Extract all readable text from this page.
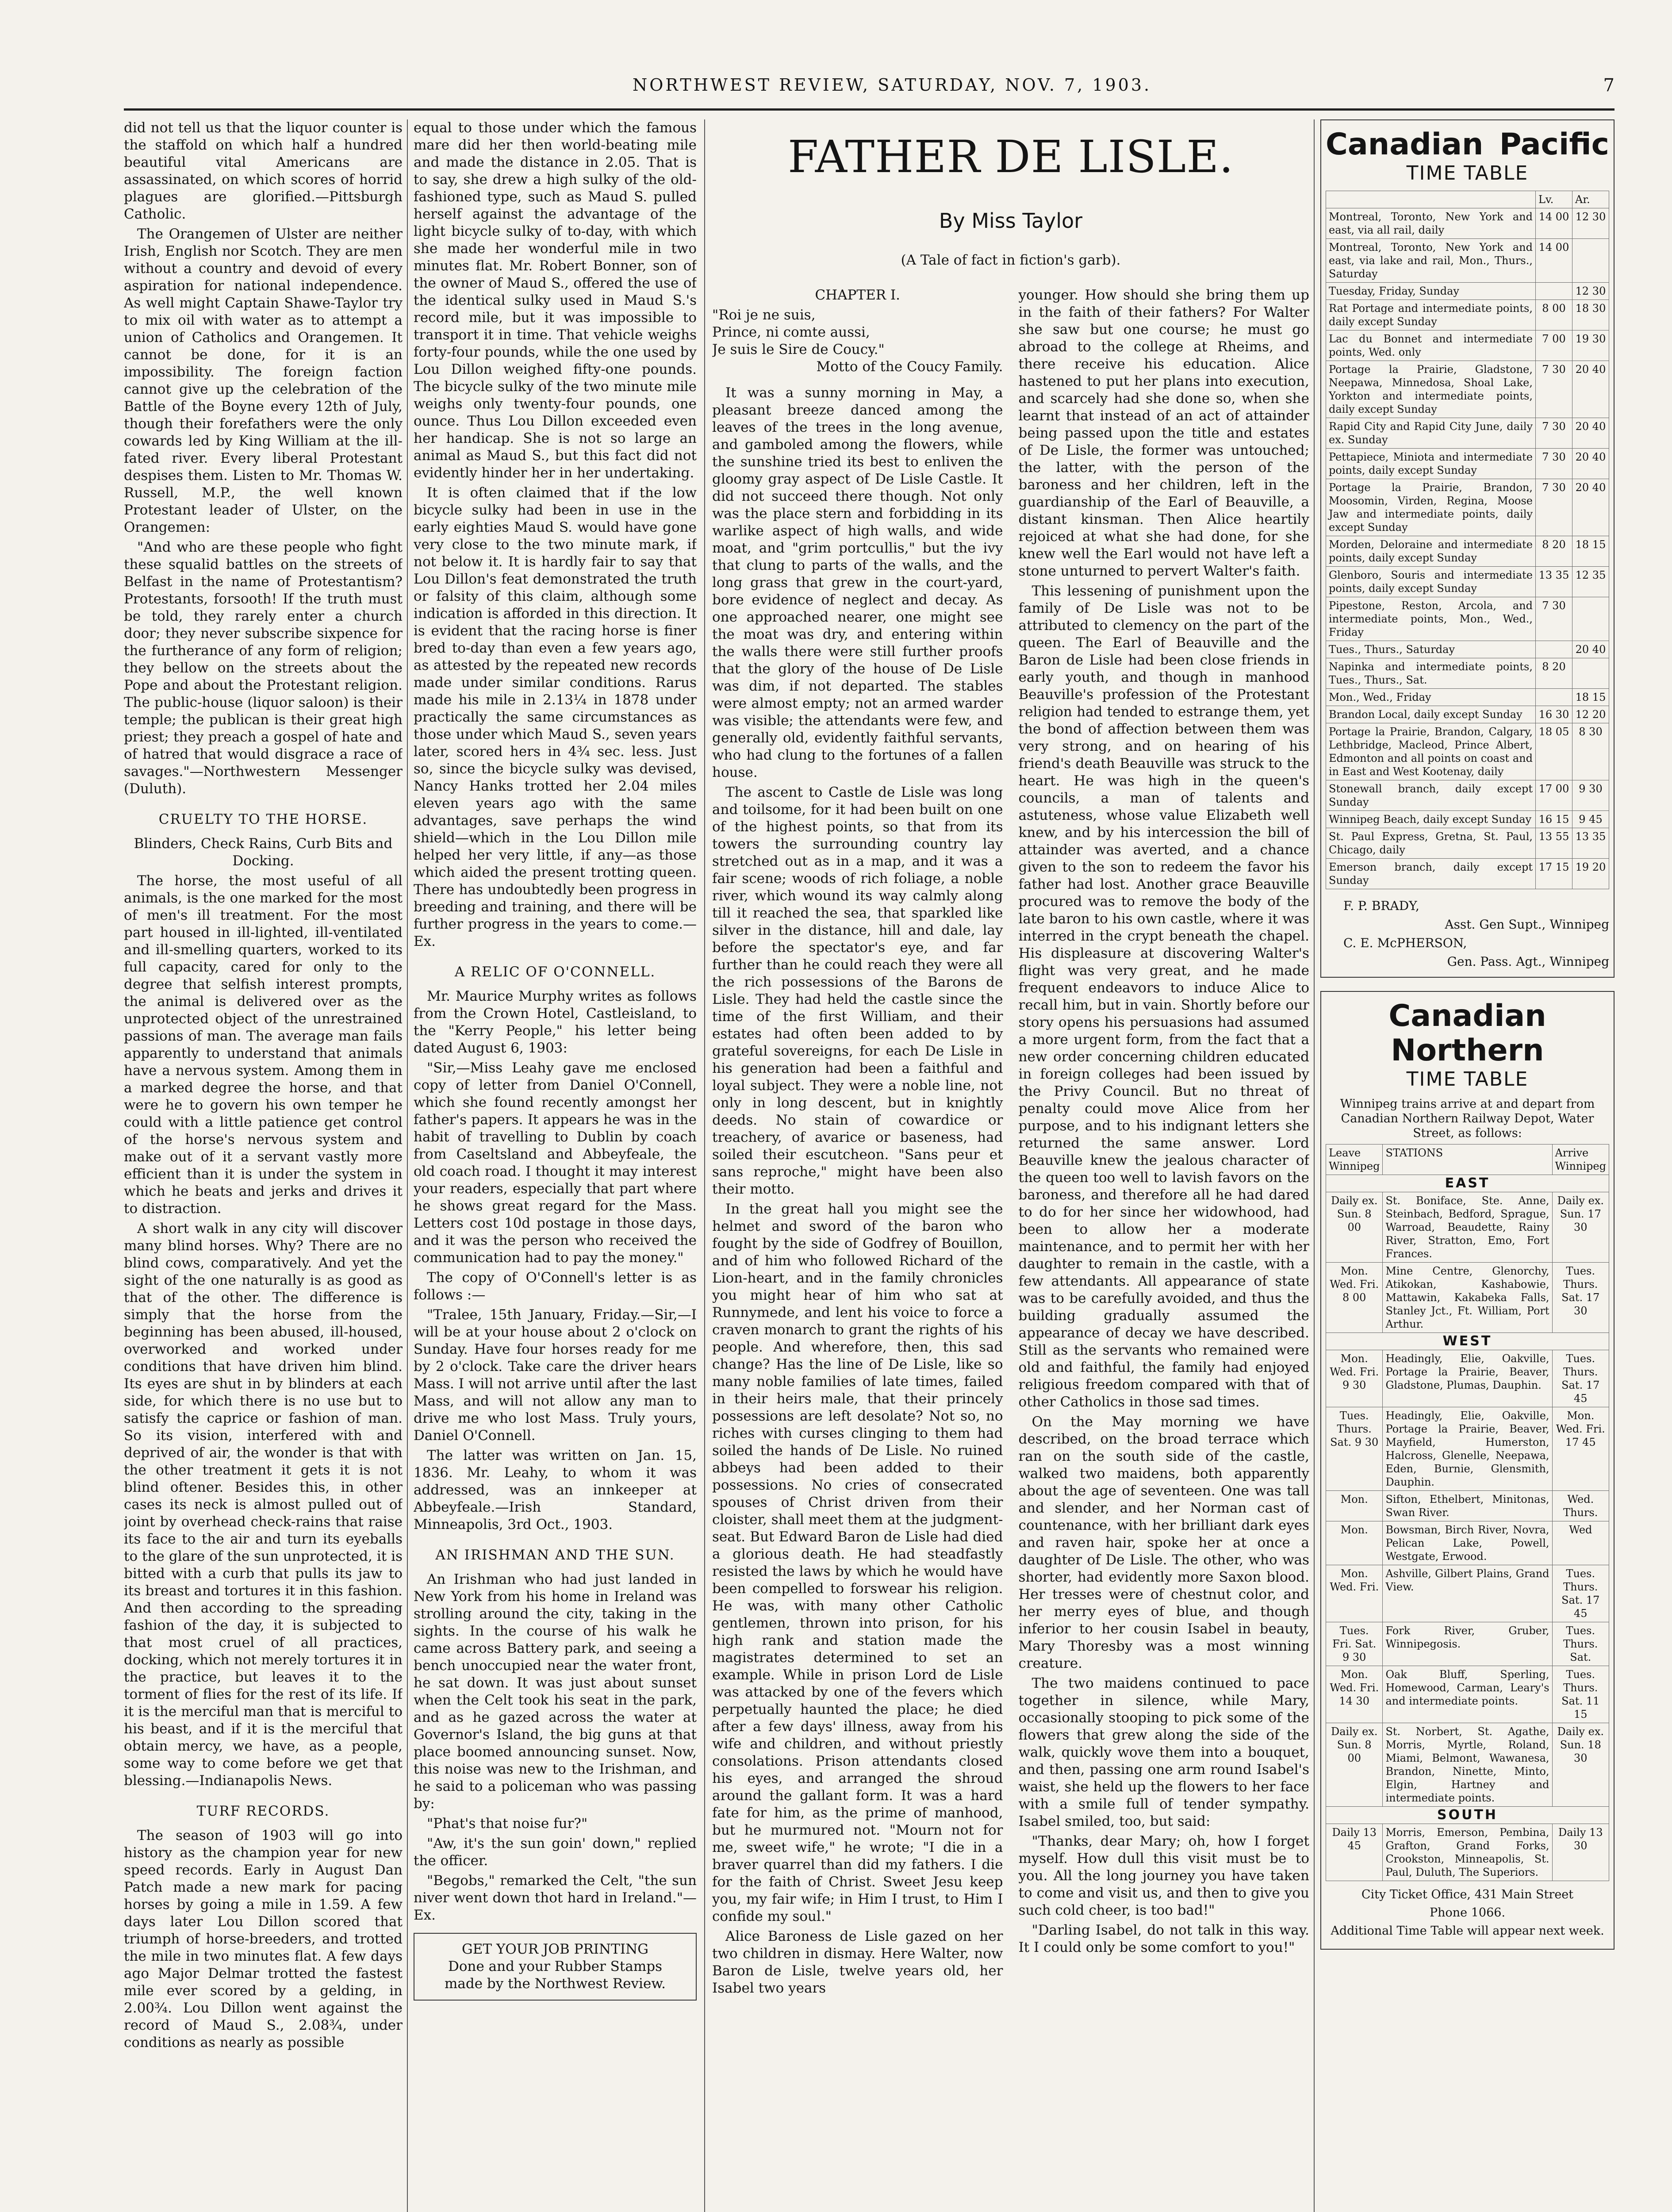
NORTHWEST REVIEW, SATURDAY, NOV. 7, 1903.	7

did not tell us that the liquor counter is the staffold on which half a hundred beautiful vital Americans are assassinated, on which scores of horrid plagues are glorified.—Pittsburgh Catholic.

The Orangemen of Ulster are neither Irish, English nor Scotch. They are men without a country and devoid of every aspiration for national independence. As well might Captain Shawe-Taylor try to mix oil with water as to attempt a union of Catholics and Orangemen. It cannot be done, for it is an impossibility. The foreign faction cannot give up the celebration of the Battle of the Boyne every 12th of July, though their forefathers were the only cowards led by King William at the ill-fated river. Every liberal Protestant despises them. Listen to Mr. Thomas W. Russell, M.P., the well known Protestant leader of Ulster, on the Orangemen:

"And who are these people who fight these squalid battles on the streets of Belfast in the name of Protestantism? Protestants, forsooth! If the truth must be told, they rarely enter a church door; they never subscribe sixpence for the furtherance of any form of religion; they bellow on the streets about the Pope and about the Protestant religion. The public-house (liquor saloon) is their temple; the publican is their great high priest; they preach a gospel of hate and of hatred that would disgrace a race of savages."—Northwestern Messenger (Duluth).

CRUELTY TO THE HORSE.

Blinders, Check Rains, Curb Bits and Docking.

The horse, the most useful of all animals, is the one marked for the most of men's ill treatment. For the most part housed in ill-lighted, ill-ventilated and ill-smelling quarters, worked to its full capacity, cared for only to the degree that selfish interest prompts, the animal is delivered over as the unprotected object of the unrestrained passions of man. The average man fails apparently to understand that animals have a nervous system. Among them in a marked degree the horse, and that were he to govern his own temper he could with a little patience get control of the horse's nervous system and make out of it a servant vastly more efficient than it is under the system in which he beats and jerks and drives it to distraction.

A short walk in any city will discover many blind horses. Why? There are no blind cows, comparatively. And yet the sight of the one naturally is as good as that of the other. The difference is simply that the horse from the beginning has been abused, ill-housed, overworked and worked under conditions that have driven him blind. Its eyes are shut in by blinders at each side, for which there is no use but to satisfy the caprice or fashion of man. So its vision, interfered with and deprived of air, the wonder is that with the other treatment it gets it is not blind oftener. Besides this, in other cases its neck is almost pulled out of joint by overhead check-rains that raise its face to the air and turn its eyeballs to the glare of the sun unprotected, it is bitted with a curb that pulls its jaw to its breast and tortures it in this fashion. And then according to the spreading fashion of the day, it is subjected to that most cruel of all practices, docking, which not merely tortures it in the practice, but leaves it to the torment of flies for the rest of its life. If it is the merciful man that is merciful to his beast, and if it is the merciful that obtain mercy, we have, as a people, some way to come before we get that blessing.—Indianapolis News.

TURF RECORDS.

The season of 1903 will go into history as the champion year for new speed records. Early in August Dan Patch made a new mark for pacing horses by going a mile in 1.59. A few days later Lou Dillon scored that triumph of horse-breeders, and trotted the mile in two minutes flat. A few days ago Major Delmar trotted the fastest mile ever scored by a gelding, in 2.00¾. Lou Dillon went against the record of Maud S., 2.08¾, under conditions as nearly as possible

equal to those under which the famous mare did her then world-beating mile and made the distance in 2.05. That is to say, she drew a high sulky of the old-fashioned type, such as Maud S. pulled herself against the advantage of the light bicycle sulky of to-day, with which she made her wonderful mile in two minutes flat. Mr. Robert Bonner, son of the owner of Maud S., offered the use of the identical sulky used in Maud S.'s record mile, but it was impossible to transport it in time. That vehicle weighs forty-four pounds, while the one used by Lou Dillon weighed fifty-one pounds. The bicycle sulky of the two minute mile weighs only twenty-four pounds, one ounce. Thus Lou Dillon exceeded even her handicap. She is not so large an animal as Maud S., but this fact did not evidently hinder her in her undertaking.

It is often claimed that if the low bicycle sulky had been in use in the early eighties Maud S. would have gone very close to the two minute mark, if not below it. It is hardly fair to say that Lou Dillon's feat demonstrated the truth or falsity of this claim, although some indication is afforded in this direction. It is evident that the racing horse is finer bred to-day than even a few years ago, as attested by the repeated new records made under similar conditions. Rarus made his mile in 2.13¼ in 1878 under practically the same circumstances as those under which Maud S., seven years later, scored hers in 4¾ sec. less. Just so, since the bicycle sulky was devised, Nancy Hanks trotted her 2.04 miles eleven years ago with the same advantages, save perhaps the wind shield—which in the Lou Dillon mile helped her very little, if any—as those which aided the present trotting queen. There has undoubtedly been progress in breeding and training, and there will be further progress in the years to come.—Ex.

A RELIC OF O'CONNELL.

Mr. Maurice Murphy writes as follows from the Crown Hotel, Castleisland, to the "Kerry People," his letter being dated August 6, 1903:

"Sir,—Miss Leahy gave me enclosed copy of letter from Daniel O'Connell, which she found recently amongst her father's papers. It appears he was in the habit of travelling to Dublin by coach from Caseltsland and Abbeyfeale, the old coach road. I thought it may interest your readers, especially that part where he shows great regard for the Mass. Letters cost 10d postage in those days, and it was the person who received the communication had to pay the money."

The copy of O'Connell's letter is as follows :—

"Tralee, 15th January, Friday.—Sir,—I will be at your house about 2 o'clock on Sunday. Have four horses ready for me by 2 o'clock. Take care the driver hears Mass. I will not arrive until after the last Mass, and will not allow any man to drive me who lost Mass. Truly yours, Daniel O'Connell.

The latter was written on Jan. 15, 1836. Mr. Leahy, to whom it was addressed, was an innkeeper at Abbeyfeale.—Irish Standard, Minneapolis, 3rd Oct., 1903.

AN IRISHMAN AND THE SUN.

An Irishman who had just landed in New York from his home in Ireland was strolling around the city, taking in the sights. In the course of his walk he came across Battery park, and seeing a bench unoccupied near the water front, he sat down. It was just about sunset when the Celt took his seat in the park, and as he gazed across the water at Governor's Island, the big guns at that place boomed announcing sunset. Now, this noise was new to the Irishman, and he said to a policeman who was passing by:

"Phat's that noise fur?"

"Aw, it's the sun goin' down," replied the officer.

"Begobs," remarked the Celt, "the sun niver went down thot hard in Ireland."—Ex.

GET YOUR JOB PRINTING
Done and your Rubber Stamps
made by the Northwest Review.
FATHER DE LISLE.
By Miss Taylor
(A Tale of fact in fiction's garb).

CHAPTER I.

"Roi je ne suis,

Prince, ni comte aussi,

Je suis le Sire de Coucy."

Motto of the Coucy Family.

It was a sunny morning in May, a pleasant breeze danced among the leaves of the trees in the long avenue, and gamboled among the flowers, while the sunshine tried its best to enliven the gloomy gray aspect of De Lisle Castle. It did not succeed there though. Not only was the place stern and forbidding in its warlike aspect of high walls, and wide moat, and "grim portcullis," but the ivy that clung to parts of the walls, and the long grass that grew in the court-yard, bore evidence of neglect and decay. As one approached nearer, one might see the moat was dry, and entering within the walls there were still further proofs that the glory of the house of De Lisle was dim, if not departed. The stables were almost empty; not an armed warder was visible; the attendants were few, and generally old, evidently faithful servants, who had clung to the fortunes of a fallen house.

The ascent to Castle de Lisle was long and toilsome, for it had been built on one of the highest points, so that from its towers the surrounding country lay stretched out as in a map, and it was a fair scene; woods of rich foliage, a noble river, which wound its way calmly along till it reached the sea, that sparkled like silver in the distance, hill and dale, lay before the spectator's eye, and far further than he could reach they were all the rich possessions of the Barons de Lisle. They had held the castle since the time of the first William, and their estates had often been added to by grateful sovereigns, for each De Lisle in his generation had been a faithful and loyal subject. They were a noble line, not only in long descent, but in knightly deeds. No stain of cowardice or treachery, of avarice or baseness, had soiled their escutcheon. "Sans peur et sans reproche," might have been also their motto.

In the great hall you might see the helmet and sword of the baron who fought by the side of Godfrey of Bouillon, and of him who followed Richard of the Lion-heart, and in the family chronicles you might hear of him who sat at Runnymede, and lent his voice to force a craven monarch to grant the rights of his people. And wherefore, then, this sad change? Has the line of De Lisle, like so many noble families of late times, failed in their heirs male, that their princely possessions are left desolate? Not so, no riches with curses clinging to them had soiled the hands of De Lisle. No ruined abbeys had been added to their possessions. No cries of consecrated spouses of Christ driven from their cloister, shall meet them at the judgment-seat. But Edward Baron de Lisle had died a glorious death. He had steadfastly resisted the laws by which he would have been compelled to forswear his religion. He was, with many other Catholic gentlemen, thrown into prison, for his high rank and station made the magistrates determined to set an example. While in prison Lord de Lisle was attacked by one of the fevers which perpetually haunted the place; he died after a few days' illness, away from his wife and children, and without priestly consolations. Prison attendants closed his eyes, and arranged the shroud around the gallant form. It was a hard fate for him, as the prime of manhood, but he murmured not. "Mourn not for me, sweet wife," he wrote; "I die in a braver quarrel than did my fathers. I die for the faith of Christ. Sweet Jesu keep you, my fair wife; in Him I trust, to Him I confide my soul."

Alice Baroness de Lisle gazed on her two children in dismay. Here Walter, now Baron de Lisle, twelve years old, her Isabel two years

younger. How should she bring them up in the faith of their fathers? For Walter she saw but one course; he must go abroad to the college at Rheims, and there receive his education. Alice hastened to put her plans into execution, and scarcely had she done so, when she learnt that instead of an act of attainder being passed upon the title and estates of De Lisle, the former was untouched; the latter, with the person of the baroness and her children, left in the guardianship of the Earl of Beauville, a distant kinsman. Then Alice heartily rejoiced at what she had done, for she knew well the Earl would not have left a stone unturned to pervert Walter's faith.

This lessening of punishment upon the family of De Lisle was not to be attributed to clemency on the part of the queen. The Earl of Beauville and the Baron de Lisle had been close friends in early youth, and though in manhood Beauville's profession of the Protestant religion had tended to estrange them, yet the bond of affection between them was very strong, and on hearing of his friend's death Beauville was struck to the heart. He was high in the queen's councils, a man of talents and astuteness, whose value Elizabeth well knew, and by his intercession the bill of attainder was averted, and a chance given to the son to redeem the favor his father had lost. Another grace Beauville procured was to remove the body of the late baron to his own castle, where it was interred in the crypt beneath the chapel. His displeasure at discovering Walter's flight was very great, and he made frequent endeavors to induce Alice to recall him, but in vain. Shortly before our story opens his persuasions had assumed a more urgent form, from the fact that a new order concerning children educated in foreign colleges had been issued by the Privy Council. But no threat of penalty could move Alice from her purpose, and to his indignant letters she returned the same answer. Lord Beauville knew the jealous character of the queen too well to lavish favors on the baroness, and therefore all he had dared to do for her since her widowhood, had been to allow her a moderate maintenance, and to permit her with her daughter to remain in the castle, with a few attendants. All appearance of state was to be carefully avoided, and thus the building gradually assumed the appearance of decay we have described. Still as the servants who remained were old and faithful, the family had enjoyed religious freedom compared with that of other Catholics in those sad times.

On the May morning we have described, on the broad terrace which ran on the south side of the castle, walked two maidens, both apparently about the age of seventeen. One was tall and slender, and her Norman cast of countenance, with her brilliant dark eyes and raven hair, spoke her at once a daughter of De Lisle. The other, who was shorter, had evidently more Saxon blood. Her tresses were of chestnut color, and her merry eyes of blue, and though inferior to her cousin Isabel in beauty, Mary Thoresby was a most winning creature.

The two maidens continued to pace together in silence, while Mary, occasionally stooping to pick some of the flowers that grew along the side of the walk, quickly wove them into a bouquet, and then, passing one arm round Isabel's waist, she held up the flowers to her face with a smile full of tender sympathy. Isabel smiled, too, but said:

"Thanks, dear Mary; oh, how I forget myself. How dull this visit must be to you. All the long journey you have taken to come and visit us, and then to give you such cold cheer, is too bad!"

"Darling Isabel, do not talk in this way. It I could only be some comfort to you!"

Canadian Pacific
TIME TABLE
	Lv.	Ar.
Montreal, Toronto, New York and east, via all rail, daily	14 00	12 30
Montreal, Toronto, New York and east, via lake and rail, Mon., Thurs., Saturday	14 00	
Tuesday, Friday, Sunday		12 30
Rat Portage and intermediate points, daily except Sunday	8 00	18 30
Lac du Bonnet and intermediate points, Wed. only	7 00	19 30
Portage la Prairie, Gladstone, Neepawa, Minnedosa, Shoal Lake, Yorkton and intermediate points, daily except Sunday	7 30	20 40
Rapid City and Rapid City June, daily ex. Sunday	7 30	20 40
Pettapiece, Miniota and intermediate points, daily except Sunday	7 30	20 40
Portage la Prairie, Brandon, Moosomin, Virden, Regina, Moose Jaw and intermediate points, daily except Sunday	7 30	20 40
Morden, Deloraine and intermediate points, daily except Sunday	8 20	18 15
Glenboro, Souris and intermediate points, daily except Sunday	13 35	12 35
Pipestone, Reston, Arcola, and intermediate points, Mon., Wed., Friday	7 30	
Tues., Thurs., Saturday		20 40
Napinka and intermediate points, Tues., Thurs., Sat.	8 20	
Mon., Wed., Friday		18 15
Brandon Local, daily except Sunday	16 30	12 20
Portage la Prairie, Brandon, Calgary, Lethbridge, Macleod, Prince Albert, Edmonton and all points on coast and in East and West Kootenay, daily	18 05	8 30
Stonewall branch, daily except Sunday	17 00	9 30
Winnipeg Beach, daily except Sunday	16 15	9 45
St. Paul Express, Gretna, St. Paul, Chicago, daily	13 55	13 35
Emerson branch, daily except Sunday	17 15	19 20
F. P. BRADY,
Asst. Gen Supt., Winnipeg
C. E. McPHERSON,
Gen. Pass. Agt., Winnipeg
Canadian Northern
TIME TABLE
Winnipeg trains arrive at and depart from Canadian Northern Railway Depot, Water Street, as follows:
Leave Winnipeg	STATIONS	Arrive Winnipeg
EAST		
Daily ex. Sun. 8 00	St. Boniface, Ste. Anne, Steinbach, Bedford, Sprague, Warroad, Beaudette, Rainy River, Stratton, Emo, Fort Frances.	Daily ex. Sun. 17 30
Mon. Wed. Fri. 8 00	Mine Centre, Glenorchy, Atikokan, Kashabowie, Mattawin, Kakabeka Falls, Stanley Jct., Ft. William, Port Arthur.	Tues. Thurs. Sat. 17 30
WEST		
Mon. Wed. Fri. 9 30	Headingly, Elie, Oakville, Portage la Prairie, Beaver, Gladstone, Plumas, Dauphin.	Tues. Thurs. Sat. 17 45
Tues. Thurs. Sat. 9 30	Headingly, Elie, Oakville, Portage la Prairie, Beaver, Mayfield, Humerston, Halcross, Glenelle, Neepawa, Eden, Burnie, Glensmith, Dauphin.	Mon. Wed. Fri. 17 45
Mon.	Sifton, Ethelbert, Minitonas, Swan River.	Wed. Thurs.
Mon.	Bowsman, Birch River, Novra, Pelican Lake, Powell, Westgate, Erwood.	Wed
Mon. Wed. Fri.	Ashville, Gilbert Plains, Grand View.	Tues. Thurs. Sat. 17 45
Tues. Fri. Sat. 9 30	Fork River, Gruber, Winnipegosis.	Tues. Thurs. Sat.
Mon. Wed. Fri. 14 30	Oak Bluff, Sperling, Homewood, Carman, Leary's and intermediate points.	Tues. Thurs. Sat. 11 15
Daily ex. Sun. 8 00	St. Norbert, St. Agathe, Morris, Myrtle, Roland, Miami, Belmont, Wawanesa, Brandon, Ninette, Minto, Elgin, Hartney and intermediate points.	Daily ex. Sun. 18 30
SOUTH		
Daily 13 45	Morris, Emerson, Pembina, Grafton, Grand Forks, Crookston, Minneapolis, St. Paul, Duluth, The Superiors.	Daily 13 30
City Ticket Office, 431 Main Street
Phone 1066.
Additional Time Table will appear next week.
